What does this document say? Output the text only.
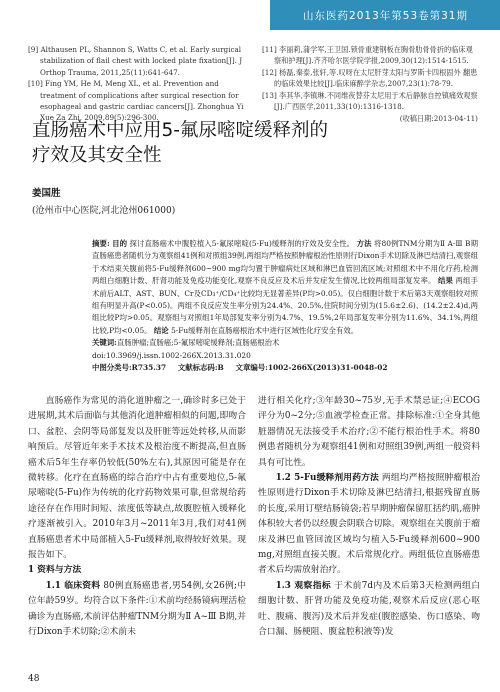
山东医药2013年第53卷第31期

[9] Althausen PL, Shannon S, Watts C, et al. Early surgical stabilization of flail chest with locked plate fixation[J]. J Orthop Trauma, 2011,25(11):641-647.

[10] Fing YM, He M, Meng XL, et al. Prevention and treatment of complications after surgical resection for esophageal and gastric cardiac cancers[J]. Zhonghua Yi Xue Za Zhi, 2009,89(5):296-300.

[11] 李丽莉,蒲学军,王卫国.锁骨重建钢板在胸骨肋骨骨折的临床观察和护理[J].齐齐哈尔医学院学报,2009,30(12):1514-1515.

[12] 杨磊,秦泰,张轩,等.叹呀在太尼肝芽太阳与罗斯卡四根固外 翻患的临床效果比较[J].临床麻醉学杂志,2007,23(1):78-79.

[13] 李其华,李镇琳.不同维夜替芬太尼用于术后静脉自控镇痛效观察[J].广西医学,2011,33(10):1316-1318.

(收稿日期:2013-04-11)
直肠癌术中应用5-氟尿嘧啶缓释剂的
疗效及其安全性
姜国胜
(沧州市中心医院,河北沧州061000)
摘要: 目的 探讨直肠癌术中腹腔植入5-氟尿嘧啶(5-Fu)缓释剂的疗效及安全性。 方法 将80例TNM分期为Ⅱ A-Ⅲ B期直肠癌患者随机分为观察组41例和对照组39例,两组均严格按照肿瘤根治性原则行Dixon手术切除及淋巴结清扫,观察组于术结束关腹前将5-Fu缓释剂600~900 mg均匀置于肿瘤病灶区域和淋巴血管回流区域;对照组术中不用化疗药,检测两组白细胞计数、肝肾功能及免疫功能变化,观察不良反应及术后并发症发生情况,比较两组局部复发率。 结果 两组手术前后ALT、AST、BUN、Cr及CD₃⁺/CD₄⁺比较均无显著差异(P均>0.05)。仅白细胞计数于术后第3天观察组较对照组有明显升高(P<0.05)。两组不良反应发生率分别为24.4%、20.5%,住院时间分别为(15.6±2.6)、(14.2±2.4)d,两组比较P均>0.05。观察组与对照组1年局部复发率分别为4.7%、19.5%,2年局部复发率分别为11.6%、34.1%,两组比较,P均<0.05。 结论 5-Fu缓释剂在直肠癌根治术中进行区域性化疗安全有效。
关键词:直肠肿瘤;直肠癌;5-氟尿嘧啶缓释剂;直肠癌根治术
doi:10.3969/j.issn.1002-266X.2013.31.020
中图分类号:R735.37 文献标志码:B 文章编号:1002-266X(2013)31-0048-02

直肠癌作为常见的消化道肿瘤之一,确诊时多已处于进展期,其术后面临与其他消化道肿瘤相似的问题,即吻合口、盆腔、会阴等局部复发以及肝脏等远处转移,从而影响预后。尽管近年来手术技术及根治度不断提高,但直肠癌术后5年生存率仍较低(50%左右),其原因可能是存在微转移。化疗在直肠癌的综合治疗中占有重要地位,5-氟尿嘧啶(5-Fu)作为传统的化疗药物效果可靠,但常规给药途径存在作用时间短、浓度低等缺点,故腹腔植入缓释化疗逐渐被引入。2010年3月~2011年3月,我们对41例直肠癌患者术中局部植入5-Fu缓释剂,取得较好效果。现报告如下。

1 资料与方法

1.1 临床资料 80例直肠癌患者,男54例,女26例;中位年龄59岁。均符合以下条件:①术前均经肠镜病理活检确诊为直肠癌,术前评估肿瘤TNM分期为Ⅱ A~Ⅲ B期,并行Dixon手术切除;②术前未

进行相关化疗;③年龄30~75岁,无手术禁忌证;④ECOG评分为0~2分;⑤血液学检查正常。排除标准:①全身其他脏器情况无法接受手术治疗;②不能行根治性手术。将80例患者随机分为观察组41例和对照组39例,两组一般资料具有可比性。

1.2 5-Fu缓释剂用药方法 两组均严格按照肿瘤根治性原则进行Dixon手术切除及淋巴结清扫,根据残留直肠的长度,采用订壁结肠镜袋;若早期肿瘤保留肛括约肌,癌肿体积较大者仍以经腹会阴联合切除。观察组在关腹前于瘤床及淋巴血管回流区域均匀植入5-Fu缓释剂600~900 mg,对照组直接关腹。术后常规化疗。两组低位直肠癌患者术后均需放射治疗。

1.3 观察指标 于术前7d内及术后第3天检测两组白细胞计数、肝肾功能及免疫功能,观察术后反应(恶心呕吐、腹痛、腹泻)及术后并发症(腹腔感染、伤口感染、吻合口漏、肠梗阻、腹盆腔积液等)发

48
